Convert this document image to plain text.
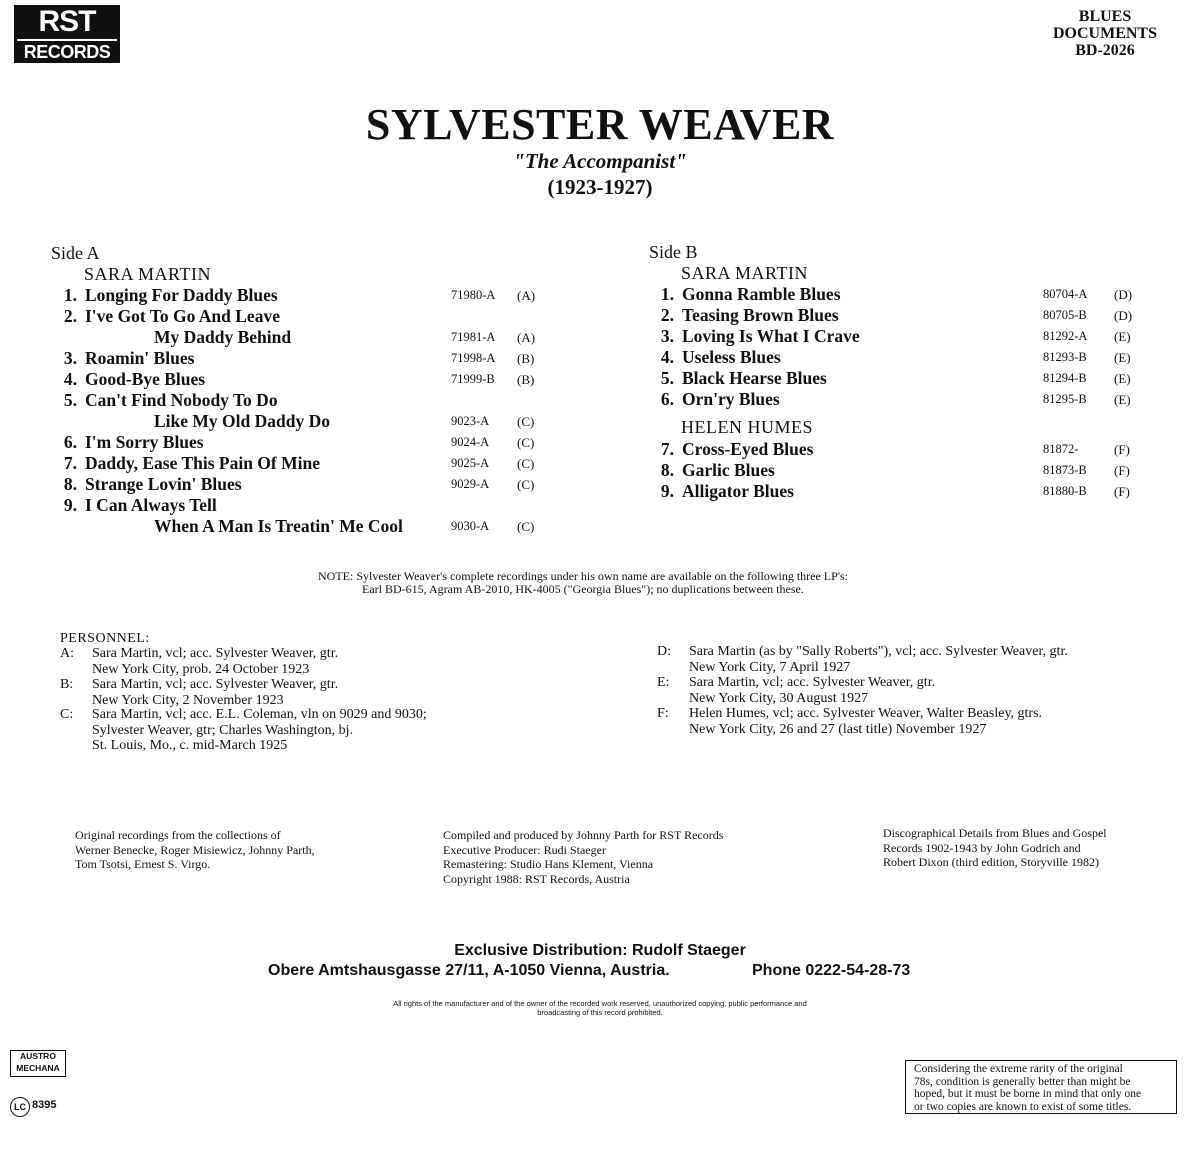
RST
RECORDS
BLUES
DOCUMENTS
BD-2026
SYLVESTER WEAVER
"The Accompanist"
(1923-1927)
Side A
SARA MARTIN
1. Longing For Daddy Blues	71980-A (A)
2. I've Got To Go And Leave
My Daddy Behind	71981-A (A)
3. Roamin' Blues	71998-A (B)
4. Good-Bye Blues	71999-B (B)
5. Can't Find Nobody To Do
Like My Old Daddy Do	9023-A (C)
6. I'm Sorry Blues	9024-A (C)
7. Daddy, Ease This Pain Of Mine	9025-A (C)
8. Strange Lovin' Blues	9029-A (C)
9. I Can Always Tell
When A Man Is Treatin' Me Cool	9030-A (C)
Side B
SARA MARTIN
HELEN HUMES
1. Gonna Ramble Blues	80704-A (D)
2. Teasing Brown Blues	80705-B (D)
3. Loving Is What I Crave	81292-A (E)
4. Useless Blues	81293-B (E)
5. Black Hearse Blues	81294-B (E)
6. Orn'ry Blues	81295-B (E)
7. Cross-Eyed Blues	81872-	(F)
8. Garlic Blues	81873-B (F)
9. Alligator Blues	81880-B (F)
NOTE: Sylvester Weaver's complete recordings under his own name are available on the following three LP's:
Earl BD-615, Agram AB-2010, HK-4005 ("Georgia Blues"); no duplications between these.
PERSONNEL:
A: Sara Martin, vcl; acc. Sylvester Weaver, gtr.
New York City, prob. 24 October 1923
B: Sara Martin, vcl; acc. Sylvester Weaver, gtr.
New York City, 2 November 1923
C: Sara Martin, vcl; acc. E.L. Coleman, vln on 9029 and 9030;
Sylvester Weaver, gtr; Charles Washington, bj.
St. Louis, Mo., c. mid-March 1925
D: Sara Martin (as by "Sally Roberts"), vcl; acc. Sylvester Weaver, gtr.
New York City, 7 April 1927
E: Sara Martin, vcl; acc. Sylvester Weaver, gtr.
New York City, 30 August 1927
F: Helen Humes, vcl; acc. Sylvester Weaver, Walter Beasley, gtrs.
New York City, 26 and 27 (last title) November 1927
Original recordings from the collections of
Werner Benecke, Roger Misiewicz, Johnny Parth,
Tom Tsotsi, Ernest S. Virgo.
Compiled and produced by Johnny Parth for RST Records
Executive Producer: Rudi Staeger
Remastering: Studio Hans Klement, Vienna
Copyright 1988: RST Records, Austria
Discographical Details from Blues and Gospel
Records 1902-1943 by John Godrich and
Robert Dixon (third edition, Storyville 1982)
Exclusive Distribution: Rudolf Staeger
Obere Amtshausgasse 27/11, A-1050 Vienna, Austria.	Phone 0222-54-28-73
All rights of the manufacturer and of the owner of the recorded work reserved, unauthorized copying, public performance and
broadcasting of this record prohibited.
AUSTRO
MECHANA
LC 8395
Considering the extreme rarity of the original
78s, condition is generally better than might be
hoped, but it must be borne in mind that only one
or two copies are known to exist of some titles.
